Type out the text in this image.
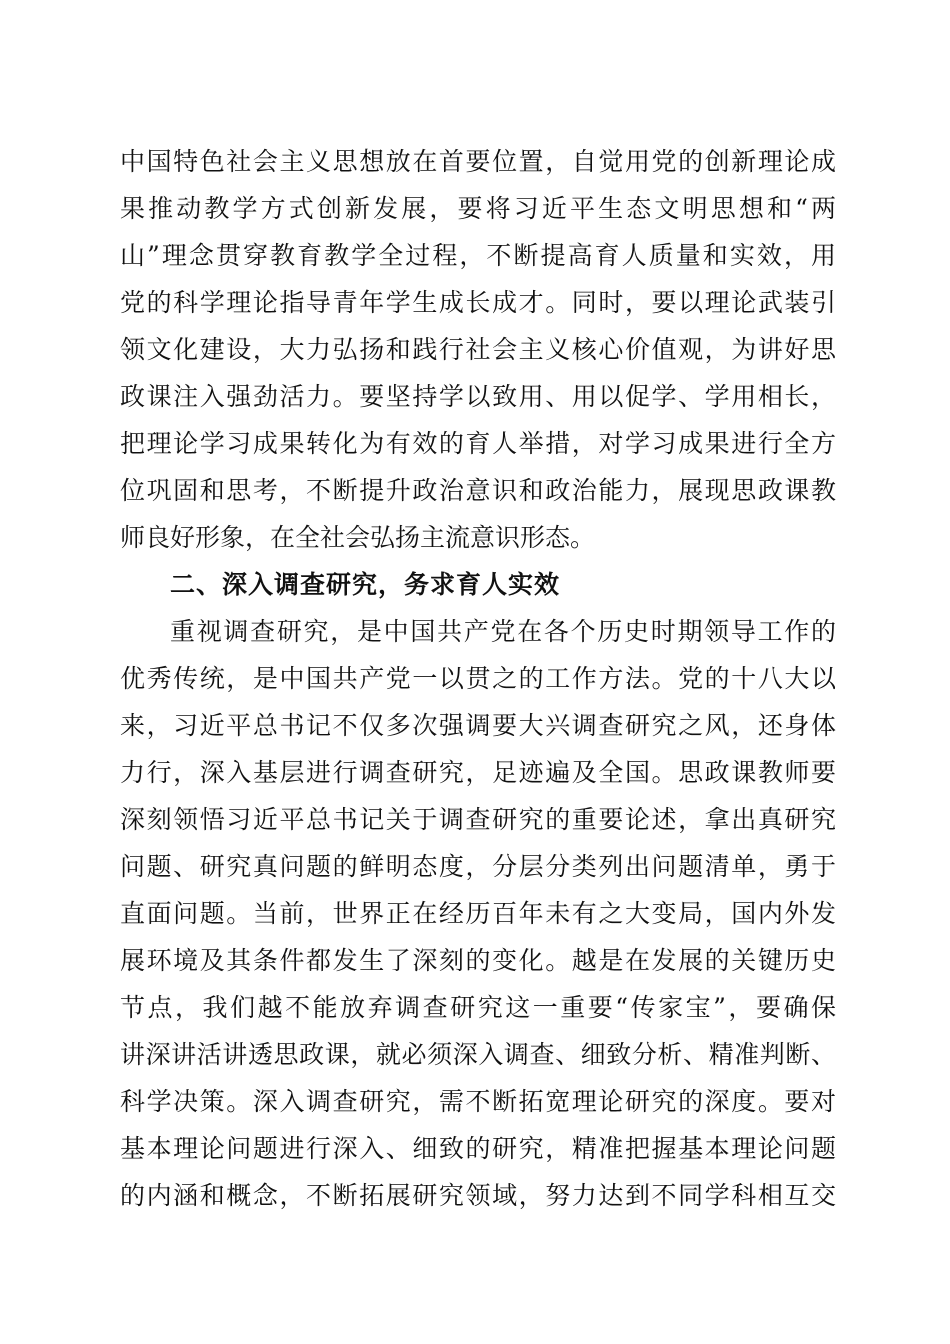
中国特色社会主义思想放在首要位置，自觉用党的创新理论成
果推动教学方式创新发展，要将习近平生态文明思想和“两
山”理念贯穿教育教学全过程，不断提高育人质量和实效，用
党的科学理论指导青年学生成长成才。同时，要以理论武装引
领文化建设，大力弘扬和践行社会主义核心价值观，为讲好思
政课注入强劲活力。要坚持学以致用、用以促学、学用相长，
把理论学习成果转化为有效的育人举措，对学习成果进行全方
位巩固和思考，不断提升政治意识和政治能力，展现思政课教
师良好形象，在全社会弘扬主流意识形态。
二、深入调查研究，务求育人实效
重视调查研究，是中国共产党在各个历史时期领导工作的
优秀传统，是中国共产党一以贯之的工作方法。党的十八大以
来，习近平总书记不仅多次强调要大兴调查研究之风，还身体
力行，深入基层进行调查研究，足迹遍及全国。思政课教师要
深刻领悟习近平总书记关于调查研究的重要论述，拿出真研究
问题、研究真问题的鲜明态度，分层分类列出问题清单，勇于
直面问题。当前，世界正在经历百年未有之大变局，国内外发
展环境及其条件都发生了深刻的变化。越是在发展的关键历史
节点，我们越不能放弃调查研究这一重要“传家宝”，要确保
讲深讲活讲透思政课，就必须深入调查、细致分析、精准判断、
科学决策。深入调查研究，需不断拓宽理论研究的深度。要对
基本理论问题进行深入、细致的研究，精准把握基本理论问题
的内涵和概念，不断拓展研究领域，努力达到不同学科相互交
